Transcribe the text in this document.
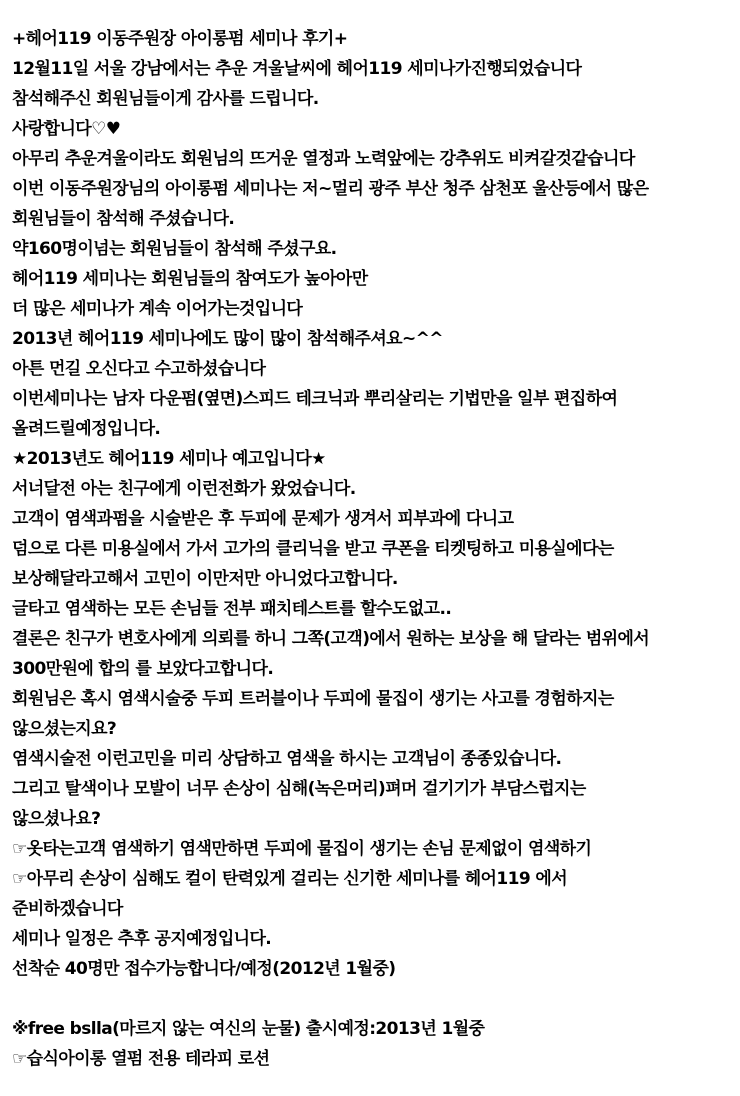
+헤어119 이동주원장 아이롱펌 세미나 후기+
12월11일 서울 강남에서는 추운 겨울날씨에 헤어119 세미나가진행되었습니다
참석해주신 회원님들이게 감사를 드립니다.
사랑합니다♡♥
아무리 추운겨울이라도 회원님의 뜨거운 열정과 노력앞에는 강추위도 비켜갈것같습니다
이번 이동주원장님의 아이롱펌 세미나는 저~멀리 광주 부산 청주 삼천포 울산등에서 많은
회원님들이 참석해 주셨습니다.
약160명이넘는 회원님들이 참석해 주셨구요.
헤어119 세미나는 회원님들의 참여도가 높아아만
더 많은 세미나가 계속 이어가는것입니다
2013년 헤어119 세미나에도 많이 많이 참석해주셔요~^^
아튼 먼길 오신다고 수고하셨습니다
이번세미나는 남자 다운펌(옆면)스피드 테크닉과 뿌리살리는 기법만을 일부 편집하여
올려드릴예정입니다.
★2013년도 헤어119 세미나 예고입니다★
서너달전 아는 친구에게 이런전화가 왔었습니다.
고객이 염색과펌을 시술받은 후 두피에 문제가 생겨서 피부과에 다니고
덤으로 다른 미용실에서 가서 고가의 클리닉을 받고 쿠폰을 티켓팅하고 미용실에다는
보상해달라고해서 고민이 이만저만 아니었다고합니다.
글타고 염색하는 모든 손님들 전부 패치테스트를 할수도없고..
결론은 친구가 변호사에게 의뢰를 하니 그쪽(고객)에서 원하는 보상을 해 달라는 범위에서
300만원에 합의 를 보았다고합니다.
회원님은 혹시 염색시술중 두피 트러블이나 두피에 물집이 생기는 사고를 경험하지는
않으셨는지요?
염색시술전 이런고민을 미리 상담하고 염색을 하시는 고객님이 종종있습니다.
그리고 탈색이나 모발이 너무 손상이 심해(녹은머리)펴머 걸기기가 부담스럽지는
않으셨나요?
☞옷타는고객 염색하기 염색만하면 두피에 물집이 생기는 손님 문제없이 염색하기
☞아무리 손상이 심해도 컬이 탄력있게 걸리는 신기한 세미나를 헤어119 에서
준비하겠습니다
세미나 일정은 추후 공지예정입니다.
선착순 40명만 접수가능합니다/예정(2012년 1월중)
※free bslla(마르지 않는 여신의 눈물) 출시예정:2013년 1월중
☞습식아이롱 열펌 전용 테라피 로션
